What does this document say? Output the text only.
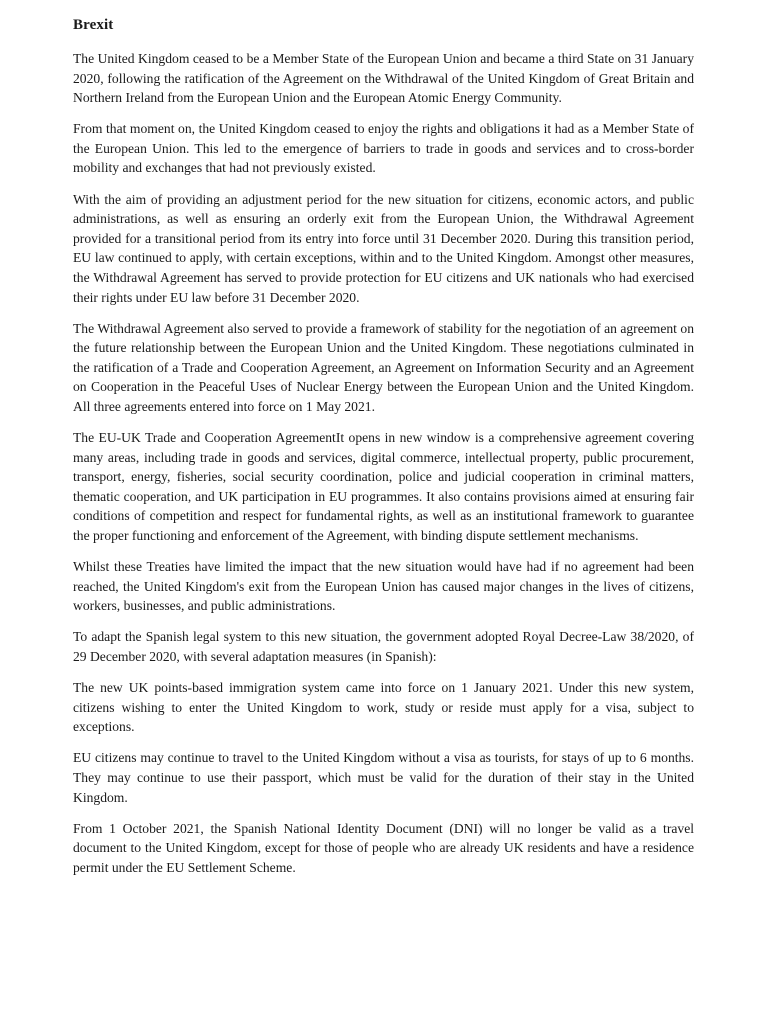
Brexit

The United Kingdom ceased to be a Member State of the European Union and became a third State on 31 January 2020, following the ratification of the Agreement on the Withdrawal of the United Kingdom of Great Britain and Northern Ireland from the European Union and the European Atomic Energy Community.

From that moment on, the United Kingdom ceased to enjoy the rights and obligations it had as a Member State of the European Union. This led to the emergence of barriers to trade in goods and services and to cross-border mobility and exchanges that had not previously existed.

With the aim of providing an adjustment period for the new situation for citizens, economic actors, and public administrations, as well as ensuring an orderly exit from the European Union, the Withdrawal Agreement provided for a transitional period from its entry into force until 31 December 2020. During this transition period, EU law continued to apply, with certain exceptions, within and to the United Kingdom. Amongst other measures, the Withdrawal Agreement has served to provide protection for EU citizens and UK nationals who had exercised their rights under EU law before 31 December 2020.

The Withdrawal Agreement also served to provide a framework of stability for the negotiation of an agreement on the future relationship between the European Union and the United Kingdom. These negotiations culminated in the ratification of a Trade and Cooperation Agreement, an Agreement on Information Security and an Agreement on Cooperation in the Peaceful Uses of Nuclear Energy between the European Union and the United Kingdom. All three agreements entered into force on 1 May 2021.

The EU-UK Trade and Cooperation AgreementIt opens in new window is a comprehensive agreement covering many areas, including trade in goods and services, digital commerce, intellectual property, public procurement, transport, energy, fisheries, social security coordination, police and judicial cooperation in criminal matters, thematic cooperation, and UK participation in EU programmes. It also contains provisions aimed at ensuring fair conditions of competition and respect for fundamental rights, as well as an institutional framework to guarantee the proper functioning and enforcement of the Agreement, with binding dispute settlement mechanisms.

Whilst these Treaties have limited the impact that the new situation would have had if no agreement had been reached, the United Kingdom's exit from the European Union has caused major changes in the lives of citizens, workers, businesses, and public administrations.

To adapt the Spanish legal system to this new situation, the government adopted Royal Decree-Law 38/2020, of 29 December 2020, with several adaptation measures (in Spanish):

The new UK points-based immigration system came into force on 1 January 2021. Under this new system, citizens wishing to enter the United Kingdom to work, study or reside must apply for a visa, subject to exceptions.

EU citizens may continue to travel to the United Kingdom without a visa as tourists, for stays of up to 6 months. They may continue to use their passport, which must be valid for the duration of their stay in the United Kingdom.

From 1 October 2021, the Spanish National Identity Document (DNI) will no longer be valid as a travel document to the United Kingdom, except for those of people who are already UK residents and have a residence permit under the EU Settlement Scheme.
